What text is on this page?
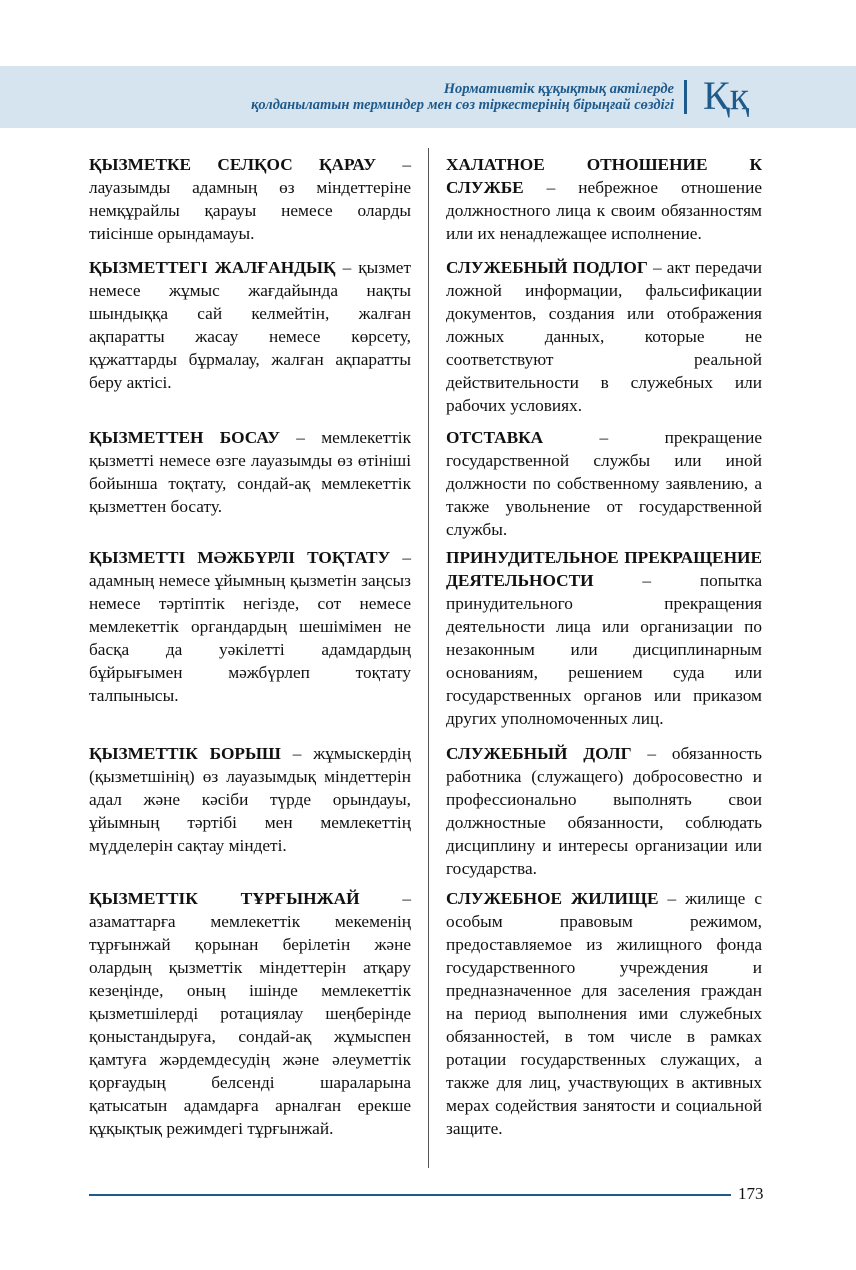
Нормативтік құқықтық актілерде
қолданылатын терминдер мен сөз тіркестерінің бірыңғай сөздігі Ққ

ҚЫЗМЕТКЕ СЕЛҚОС ҚАРАУ – лауазымды адамның өз міндеттеріне немқұрайлы қарауы немесе оларды тиісінше орындамауы.

ҚЫЗМЕТТЕГІ ЖАЛҒАНДЫҚ – қызмет немесе жұмыс жағдайында нақты шындыққа сай келмейтін, жалған ақпаратты жасау немесе көрсету, құжаттарды бұрмалау, жалған ақпаратты беру актісі.

ҚЫЗМЕТТЕН БОСАУ – мемлекеттік қызметті немесе өзге лауазымды өз өтініші бойынша тоқтату, сондай-ақ мемлекеттік қызметтен босату.

ҚЫЗМЕТТІ МӘЖБҮРЛІ ТОҚТАТУ – адамның немесе ұйымның қызметін заңсыз немесе тәртіптік негізде, сот немесе мемлекеттік органдардың шешімімен не басқа да уәкілетті адамдардың бұйрығымен мәжбүрлеп тоқтату талпынысы.

ҚЫЗМЕТТІК БОРЫШ – жұмыскердің (қызметшінің) өз лауазымдық міндеттерін адал және кәсіби түрде орындауы, ұйымның тәртібі мен мемлекеттің мүдделерін сақтау міндеті.

ҚЫЗМЕТТІК ТҰРҒЫНЖАЙ – азаматтарға мемлекеттік мекеменің тұрғынжай қорынан берілетін және олардың қызметтік міндеттерін атқару кезеңінде, оның ішінде мемлекеттік қызметшілерді ротациялау шеңберінде қоныстандыруға, сондай-ақ жұмыспен қамтуға жәрдемдесудің және әлеуметтік қорғаудың белсенді шараларына қатысатын адамдарға арналған ерекше құқықтық режимдегі тұрғынжай.

ХАЛАТНОЕ ОТНОШЕНИЕ К СЛУЖБЕ – небрежное отношение должностного лица к своим обязанностям или их ненадлежащее исполнение.

СЛУЖЕБНЫЙ ПОДЛОГ – акт передачи ложной информации, фальсификации документов, создания или отображения ложных данных, которые не соответствуют реальной действительности в служебных или рабочих условиях.

ОТСТАВКА – прекращение государственной службы или иной должности по собственному заявлению, а также увольнение от государственной службы.

ПРИНУДИТЕЛЬНОЕ ПРЕКРАЩЕНИЕ ДЕЯТЕЛЬНОСТИ – попытка принудительного прекращения деятельности лица или организации по незаконным или дисциплинарным основаниям, решением суда или государственных органов или приказом других уполномоченных лиц.

СЛУЖЕБНЫЙ ДОЛГ – обязанность работника (служащего) добросовестно и профессионально выполнять свои должностные обязанности, соблюдать дисциплину и интересы организации или государства.

СЛУЖЕБНОЕ ЖИЛИЩЕ – жилище с особым правовым режимом, предоставляемое из жилищного фонда государственного учреждения и предназначенное для заселения граждан на период выполнения ими служебных обязанностей, в том числе в рамках ротации государственных служащих, а также для лиц, участвующих в активных мерах содействия занятости и социальной защите.

173
